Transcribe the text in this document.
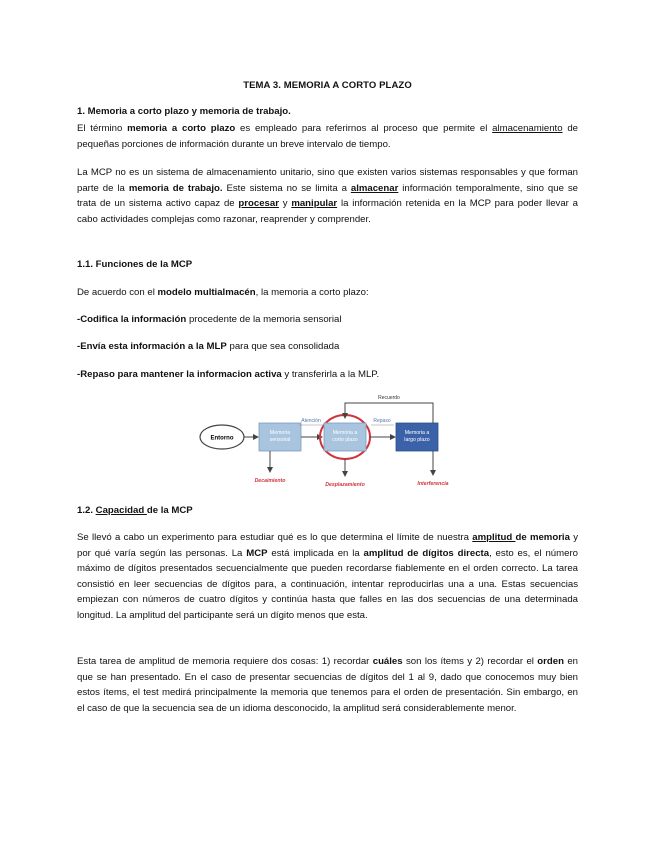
TEMA 3. MEMORIA A CORTO PLAZO
1. Memoria a corto plazo y memoria de trabajo.
El término memoria a corto plazo es empleado para referirnos al proceso que permite el almacenamiento de pequeñas porciones de información durante un breve intervalo de tiempo.
La MCP no es un sistema de almacenamiento unitario, sino que existen varios sistemas responsables y que forman parte de la memoria de trabajo. Este sistema no se limita a almacenar información temporalmente, sino que se trata de un sistema activo capaz de procesar y manipular la información retenida en la MCP para poder llevar a cabo actividades complejas como razonar, reaprender y comprender.
1.1. Funciones de la MCP
De acuerdo con el modelo multialmacén, la memoria a corto plazo:
-Codifica la información procedente de la memoria sensorial
-Envía esta información a la MLP para que sea consolidada
-Repaso para mantener la informacion activa y transferirla a la MLP.
Entorno
Memoria
sensorial
Atención
Memoria a
corto plazo
Repaso
Memoria a
largo plazo
Recuerdo
Decaimiento
Desplazamiento	Interferencia
1.2. Capacidad de la MCP
Se llevó a cabo un experimento para estudiar qué es lo que determina el límite de nuestra amplitud de memoria y por qué varía según las personas. La MCP está implicada en la amplitud de dígitos directa, esto es, el número máximo de dígitos presentados secuencialmente que pueden recordarse fiablemente en el orden correcto. La tarea consistió en leer secuencias de dígitos para, a continuación, intentar reproducirlas una a una. Estas secuencias empiezan con números de cuatro dígitos y continúa hasta que falles en las dos secuencias de una determinada longitud. La amplitud del participante será un dígito menos que esta.
Esta tarea de amplitud de memoria requiere dos cosas: 1) recordar cuáles son los ítems y 2) recordar el orden en que se han presentado. En el caso de presentar secuencias de dígitos del 1 al 9, dado que conocemos muy bien estos ítems, el test medirá principalmente la memoria que tenemos para el orden de presentación. Sin embargo, en el caso de que la secuencia sea de un idioma desconocido, la amplitud será considerablemente menor.
